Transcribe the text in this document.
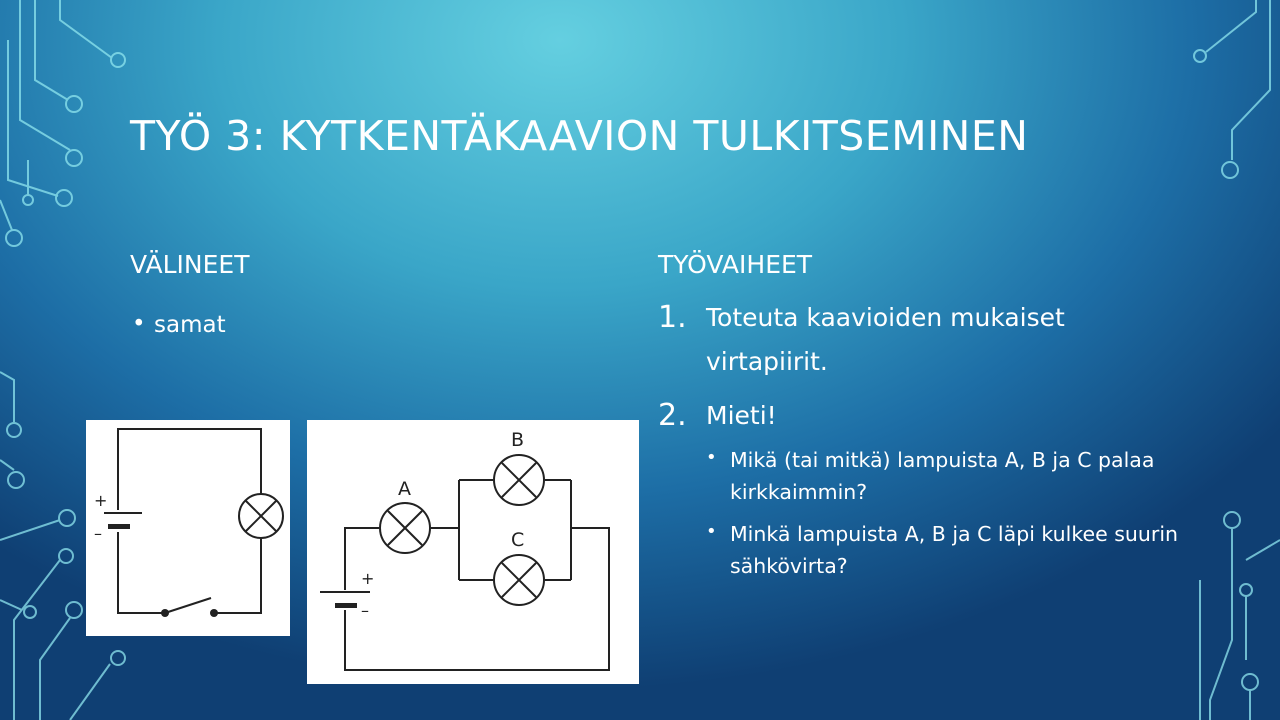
TYÖ 3: KYTKENTÄKAAVION TULKITSEMINEN
VÄLINEET
• samat
TYÖVAIHEET
1. Toteuta kaavioiden mukaiset virtapiirit.
2. Mieti!
• Mikä (tai mitkä) lampuista A, B ja C palaa kirkkaimmin?
• Minkä lampuista A, B ja C läpi kulkee suurin sähkövirta?
+
–
A
B
C
+
–
